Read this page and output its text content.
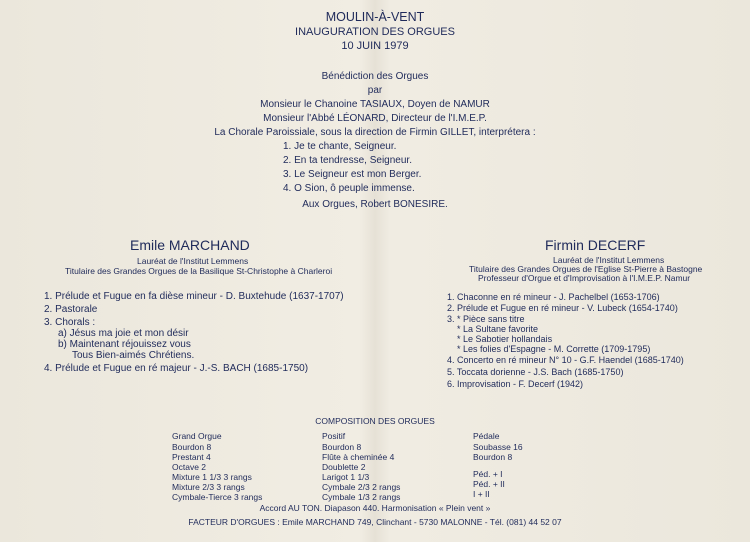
MOULIN-À-VENT
INAUGURATION DES ORGUES
10 JUIN 1979
Bénédiction des Orgues
par
Monsieur le Chanoine TASIAUX, Doyen de NAMUR
Monsieur l'Abbé LÉONARD, Directeur de l'I.M.E.P.
La Chorale Paroissiale, sous la direction de Firmin GILLET, interprétera :
1. Je te chante, Seigneur.
2. En ta tendresse, Seigneur.
3. Le Seigneur est mon Berger.
4. O Sion, ô peuple immense.
Aux Orgues, Robert BONESIRE.
Emile MARCHAND
Lauréat de l'Institut Lemmens
Titulaire des Grandes Orgues de la Basilique St-Christophe à Charleroi
1. Prélude et Fugue en fa dièse mineur - D. Buxtehude (1637-1707)
2. Pastorale
3. Chorals :
a) Jésus ma joie et mon désir
b) Maintenant réjouissez vous
Tous Bien-aimés Chrétiens.
4. Prélude et Fugue en ré majeur - J.-S. BACH (1685-1750)
Firmin DECERF
Lauréat de l'Institut Lemmens
Titulaire des Grandes Orgues de l'Eglise St-Pierre à Bastogne
Professeur d'Orgue et d'Improvisation à l'I.M.E.P. Namur
1. Chaconne en ré mineur - J. Pachelbel (1653-1706)
2. Prélude et Fugue en ré mineur - V. Lubeck (1654-1740)
3. * Pièce sans titre
* La Sultane favorite
* Le Sabotier hollandais
* Les folies d'Espagne - M. Corrette (1709-1795)
4. Concerto en ré mineur N° 10 - G.F. Haendel (1685-1740)
5. Toccata dorienne - J.S. Bach (1685-1750)
6. Improvisation - F. Decerf (1942)
COMPOSITION DES ORGUES
Grand Orgue
Bourdon 8
Prestant 4
Octave 2
Mixture 1 1/3 3 rangs
Mixture 2/3 3 rangs
Cymbale-Tierce 3 rangs
Positif
Bourdon 8
Flûte à cheminée 4
Doublette 2
Larigot 1 1/3
Cymbale 2/3 2 rangs
Cymbale 1/3 2 rangs
Pédale
Soubasse 16
Bourdon 8
Péd. + I
Péd. + II
I + II
Accord AU TON. Diapason 440. Harmonisation « Plein vent »
FACTEUR D'ORGUES : Emile MARCHAND 749, Clinchant - 5730 MALONNE - Tél. (081) 44 52 07
